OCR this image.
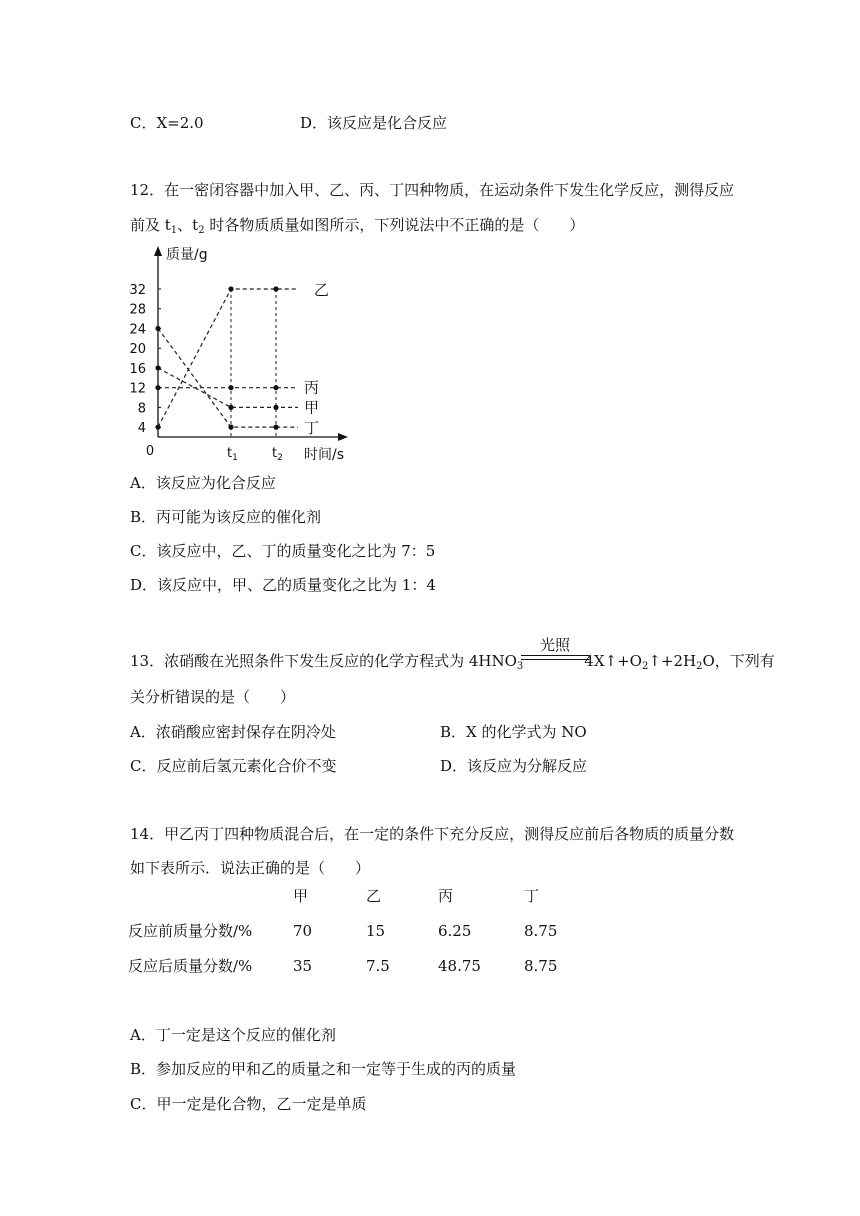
C．X=2.0	D．该反应是化合反应
12．在一密闭容器中加入甲、乙、丙、丁四种物质，在运动条件下发生化学反应，测得反应
前及 $t_1$、$t_2$ 时各物质质量如图所示，下列说法中不正确的是（　　）
质量/g
时间/s
0
4
8
12
16
20
24
28
32
$t_1$	$t_2$
乙
丙
甲
丁
A．该反应为化合反应
B．丙可能为该反应的催化剂
C．该反应中，乙、丁的质量变化之比为 7：5
D．该反应中，甲、乙的质量变化之比为 1：4
光照
13．浓硝酸在光照条件下发生反应的化学方程式为 $4HNO_3$	$4X↑+O_2↑+2H_2O$，下列有
关分析错误的是（　　）
A．浓硝酸应密封保存在阴冷处	B．X 的化学式为 NO
C．反应前后氢元素化合价不变	D．该反应为分解反应
14．甲乙丙丁四种物质混合后，在一定的条件下充分反应，测得反应前后各物质的质量分数
如下表所示．说法正确的是（　　）
	甲	乙	丙	丁
反应前质量分数/%	70	15	6.25	8.75
反应后质量分数/%	35	7.5	48.75	8.75
A．丁一定是这个反应的催化剂
B．参加反应的甲和乙的质量之和一定等于生成的丙的质量
C．甲一定是化合物，乙一定是单质
